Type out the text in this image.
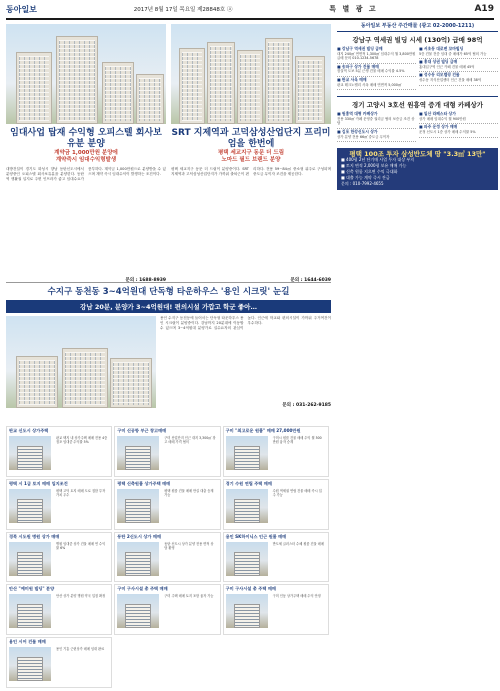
동아일보	2017년 8월 17일 목요일 제28848호 ⓐ	특 별 광 고	A19
임대사업 탑재 수익형 오피스텔 회사보유분 분양
계약금 1,000만원 분양에
계약즉시 임대수익형발생
대방건설이 경기도 화성시 향남 동탄신도시에서 분양중인 오피스텔 회사보유분을 분양한다. 동탄역 생활권 입지로 주변 인프라가 좋고 임대수요가 풍부하다. 계약금 1,000만원으로 분양받을 수 있으며 계약 즉시 임대수익이 발생하는 조건이다.
문의 : 1688-8939
SRT 지제역과 고덕삼성산업단지 프리미엄을 한번에
평택 세교지구 동문 더 드림
노마드 필드 브랜드 분양
평택 세교지구 동문 더 드림이 분양중이다. SRT 지제역과 고덕삼성산업단지가 가까워 출퇴근이 편리하다. 전용 59~84㎡ 중소형 위주로 구성되며 중도금 무이자 조건을 제공한다.
문의 : 1644-6039
수지구 동천동 3~4억원대 단독형 타운하우스 '용인 시크릿' 눈길
강남 20분, 분양가 3~4억원대! 편의시설 가깝고 학군 좋아…
용인 수지구 동천동에 들어서는 단독형 타운하우스 용인 시크릿이 분양중이다. 강남까지 20분대에 이동할 수 있으며 3~4억원대 분양가로 실수요자의 관심이 높다. 인근에 학교와 편의시설이 가까워 주거여건이 우수하다.
문의 : 031-262-9185
판교 신도시 상가주택
판교 택지 내 상가주택 매매 전용 4층 점포 임대중 수익률 5%
구미 신공항 부근 창고매매
구미 산업단지 인근 대지 3,300㎡ 창고 매매 가격 협의
구미 "최고로운 원룸" 매매 27,000만원
구미시 원룸 건물 매매 수익 월 500만원 융자 승계
평택 시 1급 토지 매매 입지조건
평택 고덕 토지 매매 도로 접함 투자가치 우수
평택 신축원룸 상가주택 매매
평택 원룸 건물 매매 만실 대출 승계 가능
경기 수원 연립 주택 매매
수원 역세권 연립 건물 매매 즉시 입주 가능
경북 시도원 병원 상가 매매
병원 임대중 상가 건물 매매 연 수익률 6%
동탄 2신도시 상가 매매
동탄 신도시 상가 분양 전용 면적 상담 환영
용인 SK하이닉스 인근 원룸 매매
반도체 클러스터 수혜 원룸 건물 매매
안산 "예미원 빌딩" 분양
안산 상가 분양 병원 약국 입점 확정
구미 구사시설 총 주택 매매
구미 주택 매매 토지 포함 융자 가능
구미 구사시설 총 주택 매매
구미 인동 상가주택 매매 수익 안정
용인 시어 건물 매매
용인 기흥 근린상가 매매 임대 완료
동아일보 부동산 주간매물 (광고 02-2000-1211)
강남구 역세권 빌딩 시세 (130억) 급매 98억
■ 강남구 역세권 빌딩 급매
대지 240㎡ 연면적 1,300㎡ 임대수익 월 3,800만원 급매 문의 010-1234-5678
■ 송파구 상가 건물 매매
잠실역 도보 5분 근생 건물 매매 수익률 4.5%
■ 판교 사옥 매매
판교 테크노밸리 사옥 매매 연면적 5,000㎡
■ 서초동 대로변 꼬마빌딩
5층 건물 전층 임대 중 매매가 65억 협의 가능
■ 홍대 상권 빌딩 급매
홍대입구역 인근 카페 건물 매매 45억
■ 성수동 리모델링 건물
성수동 지식산업센터 인근 건물 매매 38억
경기 고양시 3호선 원흥역 증개 대형 카페상가
■ 원흥역 대형 카페상가
전용 330㎡ 카페 운영중 권리금 협의 보증금 조건 상담
■ 김포 한강신도시 상가
상가 분양 전용 66㎡ 중도금 무이자
■ 일산 라페스타 상가
상가 매매 임대수익 월 900만원
■ 파주 운정 상가 매매
운정 신도시 1층 상가 매매 수익률 5%
평택 100조 투자 삼성반도체 땅 "3.3㎡ 13만"
■ 400평 2년 단기매 사업 투자 대상 부지
■ 토지 면적 2,000평 보유 매매 가능
■ 신축 원룸 지으면 수익 극대화
■ 대출 가능 계약 즉시 잔금
문의 : 010-7992-4655
